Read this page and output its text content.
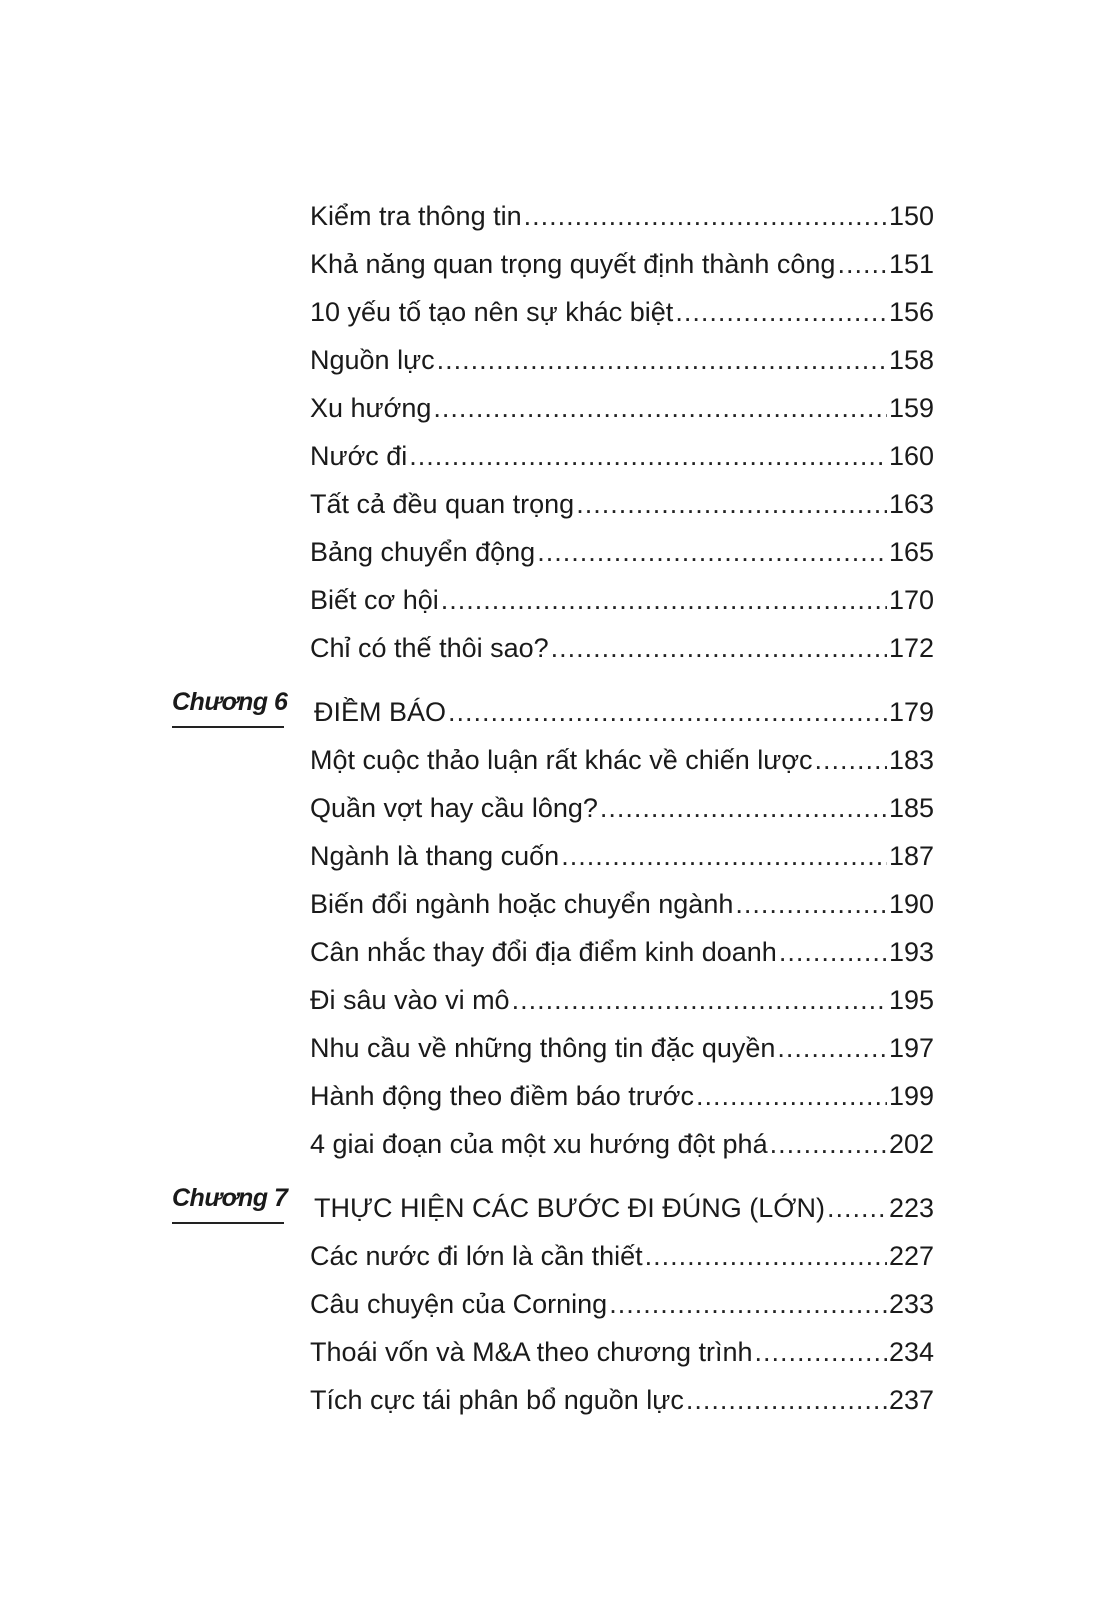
Kiểm tra thông tin .....	150
Khả năng quan trọng quyết định thành công ..... 151
10 yếu tố tạo nên sự khác biệt .....	156
Nguồn lực .....	158
Xu hướng .....	159
Nước đi .....	160
Tất cả đều quan trọng .....	163
Bảng chuyển động .....	165
Biết cơ hội .....	170
Chỉ có thế thôi sao? .....	172
Chương 6 ĐIỀM BÁO .....	179
Một cuộc thảo luận rất khác về chiến lược .....	183
Quần vợt hay cầu lông? .....	185
Ngành là thang cuốn .....	187
Biến đổi ngành hoặc chuyển ngành .....	190
Cân nhắc thay đổi địa điểm kinh doanh .....	193
Đi sâu vào vi mô .....	195
Nhu cầu về những thông tin đặc quyền .....	197
Hành động theo điềm báo trước .....	199
4 giai đoạn của một xu hướng đột phá .....	202
Chương 7 THỰC HIỆN CÁC BƯỚC ĐI ĐÚNG (LỚN) ..... 223
Các nước đi lớn là cần thiết .....	227
Câu chuyện của Corning .....	233
Thoái vốn và M&A theo chương trình .....	234
Tích cực tái phân bổ nguồn lực .....	237
